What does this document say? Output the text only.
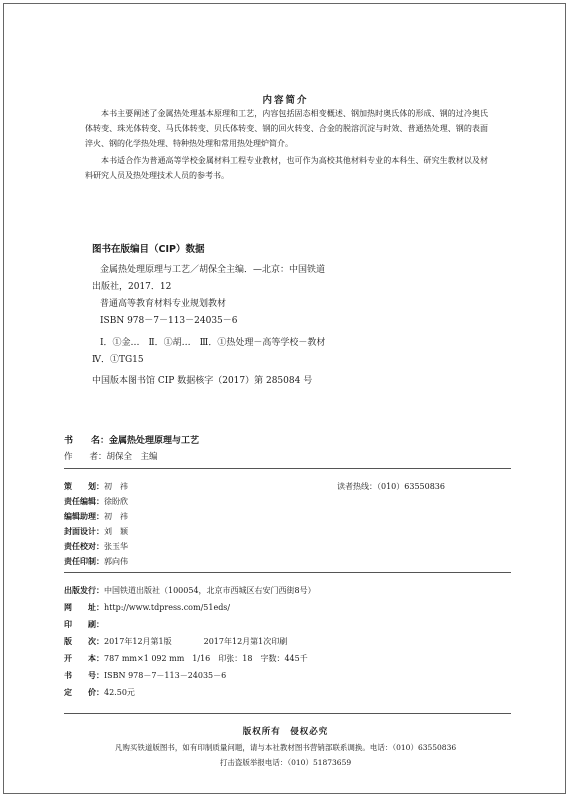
内容简介
本书主要阐述了金属热处理基本原理和工艺，内容包括固态相变概述、钢加热时奥氏体的形成、钢的过冷奥氏体转变、珠光体转变、马氏体转变、贝氏体转变、钢的回火转变、合金的脱溶沉淀与时效、普通热处理、钢的表面淬火、钢的化学热处理、特种热处理和常用热处理炉简介。
本书适合作为普通高等学校金属材料工程专业教材，也可作为高校其他材料专业的本科生、研究生教材以及材料研究人员及热处理技术人员的参考书。
图书在版编目（CIP）数据
金属热处理原理与工艺／胡保全主编．—北京：中国铁道
出版社，2017．12
普通高等教育材料专业规划教材
ISBN 978－7－113－24035－6
Ⅰ．①金…　Ⅱ．①胡…　Ⅲ．①热处理－高等学校－教材
Ⅳ．①TG15
中国版本图书馆 CIP 数据核字（2017）第 285084 号
书　　名：金属热处理原理与工艺
作　　者：胡保全　主编
读者热线：（010）63550836
策　　划：初　祎
责任编辑：徐盼欣
编辑助理：初　祎
封面设计：刘　颖
责任校对：张玉华
责任印制：郭向伟
出版发行：中国铁道出版社（100054，北京市西城区右安门西街8号）
网　　址：http://www.tdpress.com/51eds/
印　　刷：
版　　次：2017年12月第1版　　　　2017年12月第1次印刷
开　　本：787 mm×1 092 mm　1/16　印张：18　字数：445千
书　　号：ISBN 978－7－113－24035－6
定　　价：42.50元
版权所有　侵权必究
凡购买铁道版图书，如有印制质量问题，请与本社教材图书营销部联系调换。电话：（010）63550836
打击盗版举报电话：（010）51873659
